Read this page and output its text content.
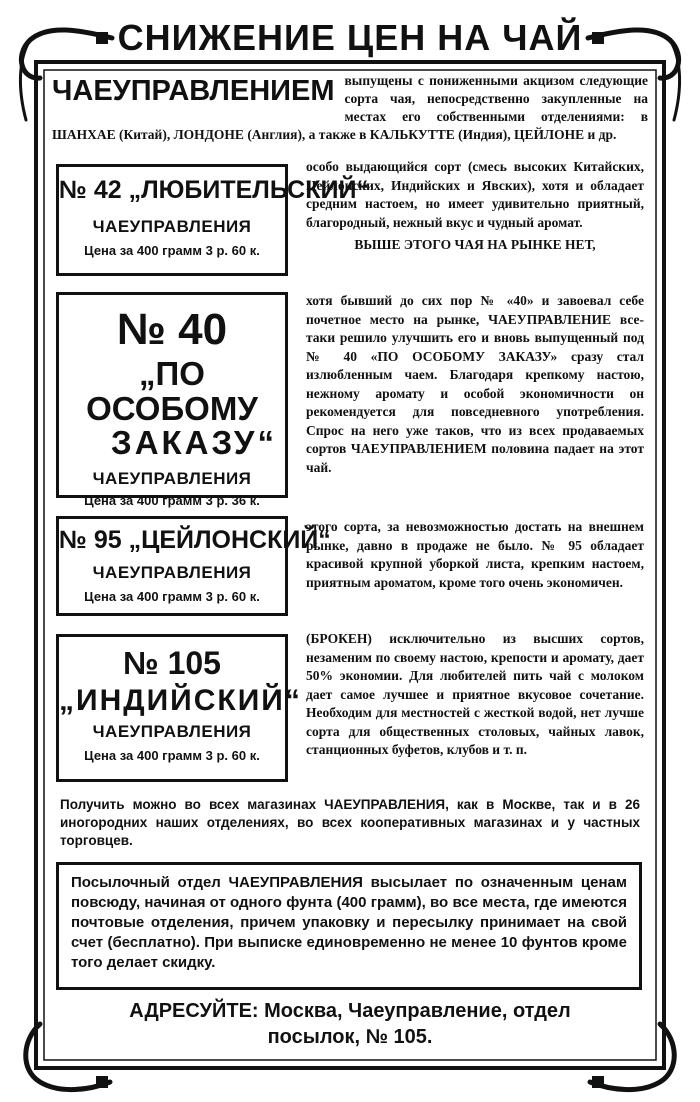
СНИЖЕНИЕ ЦЕН НА ЧАЙ
ЧАЕУПРАВЛЕНИЕМ выпущены с пониженными акцизом следующие сорта чая, непосредственно закупленные на местах его собственными отделениями: в ШАНХАЕ (Китай), ЛОНДОНЕ (Англия), а также в КАЛЬКУТТЕ (Индия), ЦЕЙЛОНЕ и др.
№ 42 „ЛЮБИТЕЛЬСКИЙ“
ЧАЕУПРАВЛЕНИЯ
Цена за 400 грамм 3 р. 60 к.
особо выдающийся сорт (смесь высоких Китайских, Цейлонских, Индийских и Явских), хотя и обладает средним настоем, но имеет удивительно приятный, благородный, нежный вкус и чудный аромат.
ВЫШЕ ЭТОГО ЧАЯ НА РЫНКЕ НЕТ,
№ 40
„ПО ОСОБОМУ
ЗАКАЗУ“
ЧАЕУПРАВЛЕНИЯ
Цена за 400 грамм 3 р. 36 к.
хотя бывший до сих пор № «40» и завоевал себе почетное место на рынке, ЧАЕУПРАВЛЕНИЕ все-таки решило улучшить его и вновь выпущенный под № 40 «ПО ОСОБОМУ ЗАКАЗУ» сразу стал излюбленным чаем. Благодаря крепкому настою, нежному аромату и особой экономичности он рекомендуется для повседневного употребления. Спрос на него уже таков, что из всех продаваемых сортов ЧАЕУПРАВЛЕНИЕМ половина падает на этот чай.
№ 95 „ЦЕЙЛОНСКИЙ“
ЧАЕУПРАВЛЕНИЯ
Цена за 400 грамм 3 р. 60 к.
этого сорта, за невозможностью достать на внешнем рынке, давно в продаже не было. № 95 обладает красивой крупной уборкой листа, крепким настоем, приятным ароматом, кроме того очень экономичен.
№ 105
„ИНДИЙСКИЙ“
ЧАЕУПРАВЛЕНИЯ
Цена за 400 грамм 3 р. 60 к.
(БРОКЕН) исключительно из высших сортов, незаменим по своему настою, крепости и аромату, дает 50% экономии. Для любителей пить чай с молоком дает самое лучшее и приятное вкусовое сочетание. Необходим для местностей с жесткой водой, нет лучше сорта для общественных столовых, чайных лавок, станционных буфетов, клубов и т. п.
Получить можно во всех магазинах ЧАЕУПРАВЛЕНИЯ, как в Москве, так и в 26 иногородних наших отделениях, во всех кооперативных магазинах и у частных торговцев.
Посылочный отдел ЧАЕУПРАВЛЕНИЯ высылает по означенным ценам повсюду, начиная от одного фунта (400 грамм), во все места, где имеются почтовые отделения, причем упаковку и пересылку принимает на свой счет (бесплатно). При выписке единовременно не менее 10 фунтов кроме того делает скидку.
АДРЕСУЙТЕ: Москва, Чаеуправление, отдел
посылок, № 105.
